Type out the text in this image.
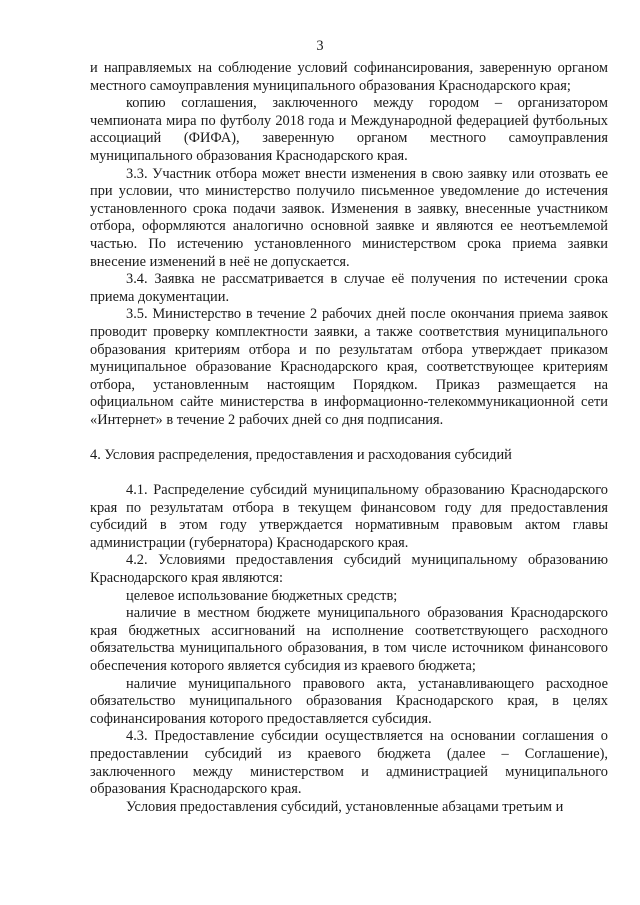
3

и направляемых на соблюдение условий софинансирования, заверенную органом местного самоуправления муниципального образования Краснодарского края;

копию соглашения, заключенного между городом – организатором чемпионата мира по футболу 2018 года и Международной федерацией футбольных ассоциаций (ФИФА), заверенную органом местного самоуправления муниципального образования Краснодарского края.

3.3. Участник отбора может внести изменения в свою заявку или отозвать ее при условии, что министерство получило письменное уведомление до истечения установленного срока подачи заявок. Изменения в заявку, внесенные участником отбора, оформляются аналогично основной заявке и являются ее неотъемлемой частью. По истечению установленного министерством срока приема заявки внесение изменений в неё не допускается.

3.4. Заявка не рассматривается в случае её получения по истечении срока приема документации.

3.5. Министерство в течение 2 рабочих дней после окончания приема заявок проводит проверку комплектности заявки, а также соответствия муниципального образования критериям отбора и по результатам отбора утверждает приказом муниципальное образование Краснодарского края, соответствующее критериям отбора, установленным настоящим Порядком. Приказ размещается на официальном сайте министерства в информационно-телекоммуникационной сети «Интернет» в течение 2 рабочих дней со дня подписания.

4. Условия распределения, предоставления и расходования субсидий

4.1. Распределение субсидий муниципальному образованию Краснодарского края по результатам отбора в текущем финансовом году для предоставления субсидий в этом году утверждается нормативным правовым актом главы администрации (губернатора) Краснодарского края.

4.2. Условиями предоставления субсидий муниципальному образованию Краснодарского края являются:

целевое использование бюджетных средств;

наличие в местном бюджете муниципального образования Краснодарского края бюджетных ассигнований на исполнение соответствующего расходного обязательства муниципального образования, в том числе источником финансового обеспечения которого является субсидия из краевого бюджета;

наличие муниципального правового акта, устанавливающего расходное обязательство муниципального образования Краснодарского края, в целях софинансирования которого предоставляется субсидия.

4.3. Предоставление субсидии осуществляется на основании соглашения о предоставлении субсидий из краевого бюджета (далее – Соглашение), заключенного между министерством и администрацией муниципального образования Краснодарского края.

Условия предоставления субсидий, установленные абзацами третьим и
